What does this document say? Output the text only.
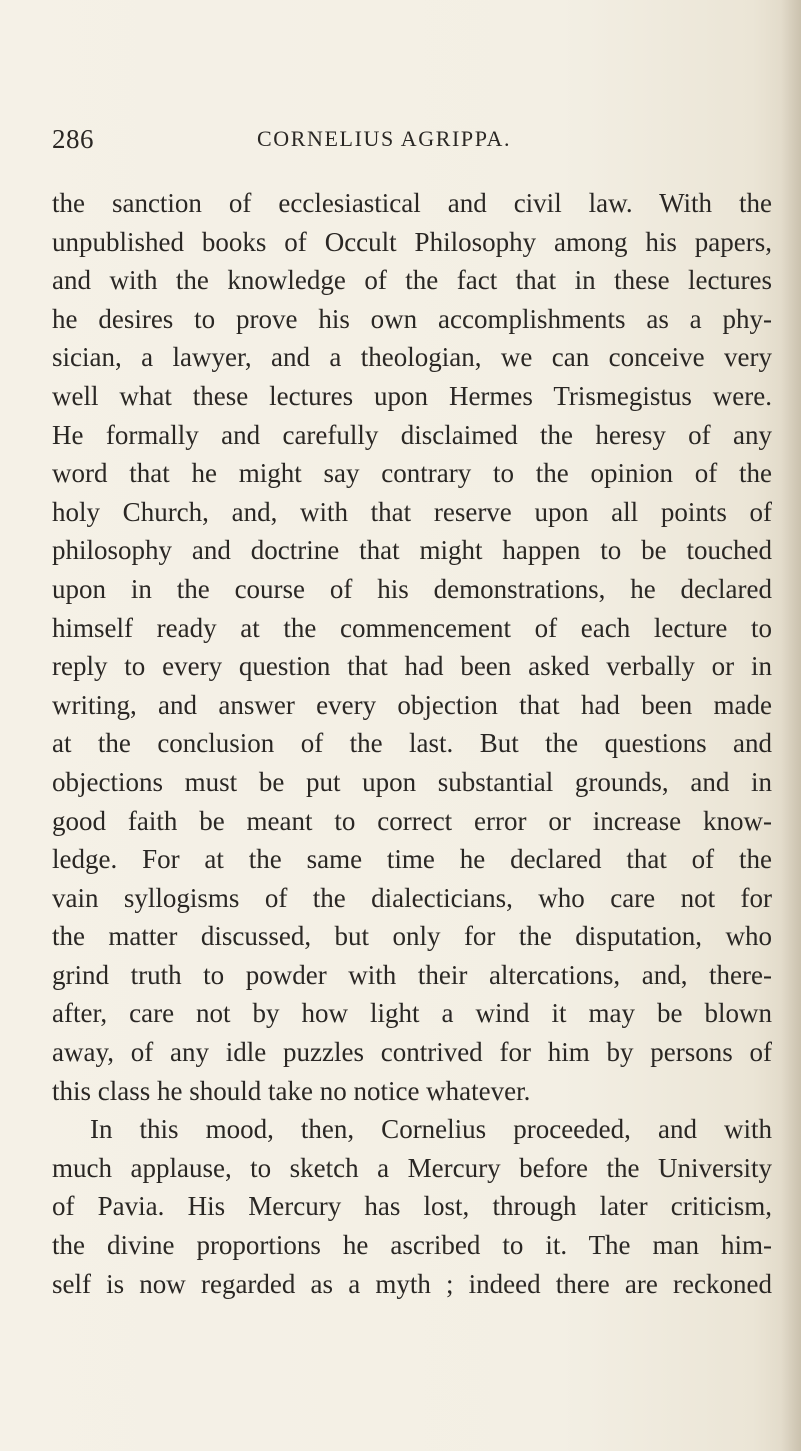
286	CORNELIUS AGRIPPA.
the sanction of ecclesiastical and civil law. With the
unpublished books of Occult Philosophy among his papers,
and with the knowledge of the fact that in these lectures
he desires to prove his own accomplishments as a phy-
sician, a lawyer, and a theologian, we can conceive very
well what these lectures upon Hermes Trismegistus were.
He formally and carefully disclaimed the heresy of any
word that he might say contrary to the opinion of the
holy Church, and, with that reserve upon all points of
philosophy and doctrine that might happen to be touched
upon in the course of his demonstrations, he declared
himself ready at the commencement of each lecture to
reply to every question that had been asked verbally or in
writing, and answer every objection that had been made
at the conclusion of the last. But the questions and
objections must be put upon substantial grounds, and in
good faith be meant to correct error or increase know-
ledge. For at the same time he declared that of the
vain syllogisms of the dialecticians, who care not for
the matter discussed, but only for the disputation, who
grind truth to powder with their altercations, and, there-
after, care not by how light a wind it may be blown
away, of any idle puzzles contrived for him by persons of
this class he should take no notice whatever.
In this mood, then, Cornelius proceeded, and with
much applause, to sketch a Mercury before the University
of Pavia. His Mercury has lost, through later criticism,
the divine proportions he ascribed to it. The man him-
self is now regarded as a myth ; indeed there are reckoned
